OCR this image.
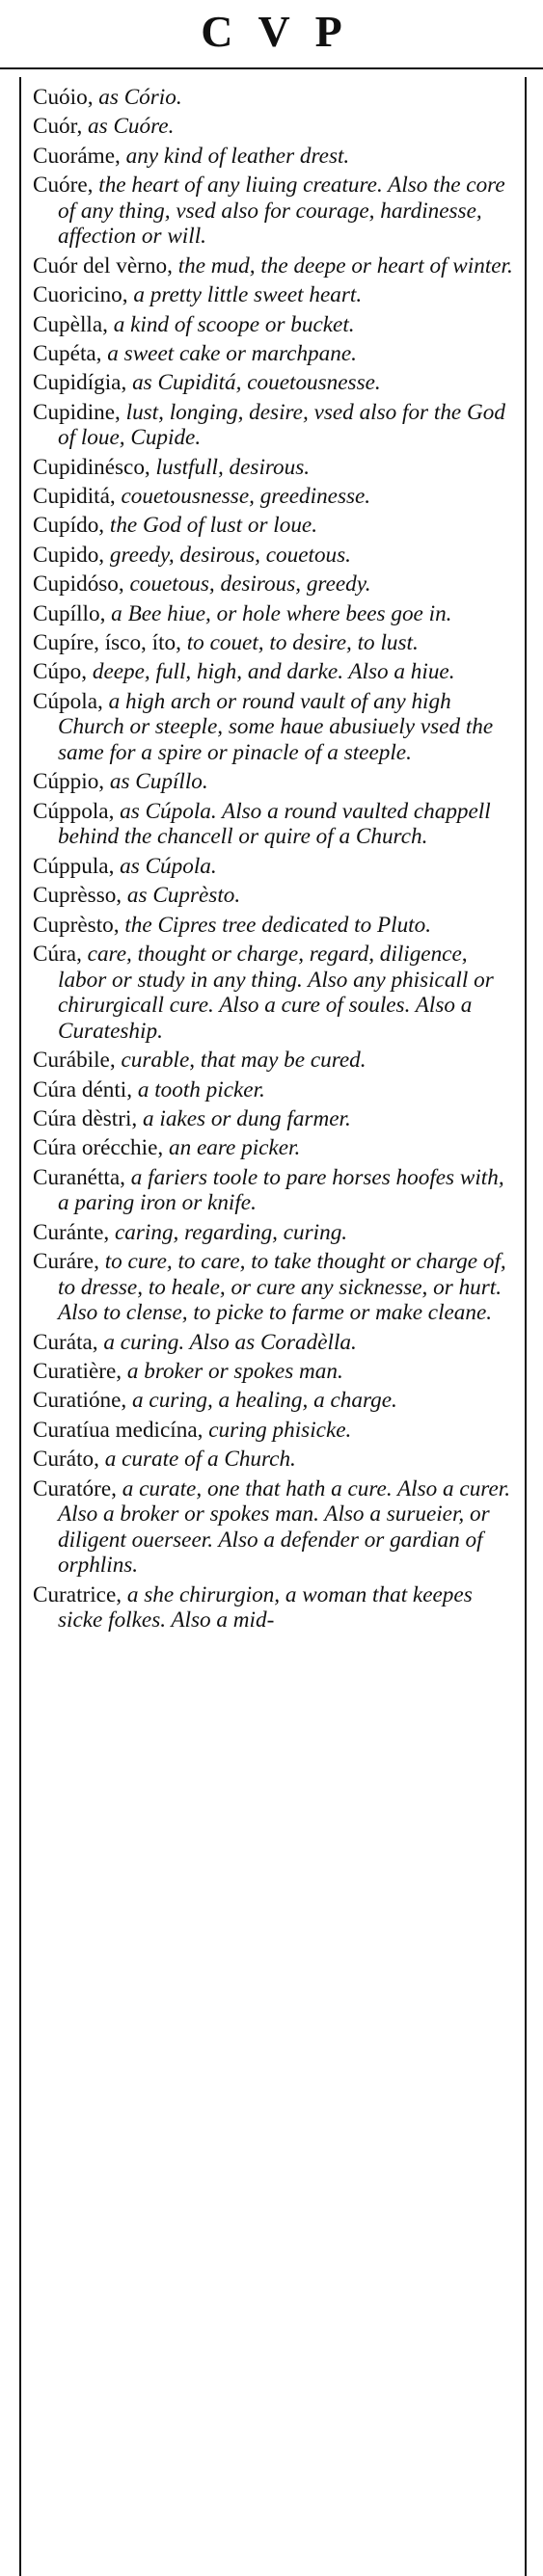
CVP
Cuóio, as Cório.
Cuór, as Cuóre.
Cuoráme, any kind of leather drest.
Cuóre, the heart of any liuing creature. Also the core of any thing, vsed also for courage, hardinesse, affection or will.
Cuór del vèrno, the mud, the deepe or heart of winter.
Cuoricino, a pretty little sweet heart.
Cupèlla, a kind of scoope or bucket.
Cupéta, a sweet cake or marchpane.
Cupidígia, as Cupiditá, couetousnesse.
Cupidine, lust, longing, desire, vsed also for the God of loue, Cupide.
Cupidinésco, lustfull, desirous.
Cupiditá, couetousnesse, greedinesse.
Cupído, the God of lust or loue.
Cupido, greedy, desirous, couetous.
Cupidóso, couetous, desirous, greedy.
Cupíllo, a Bee hiue, or hole where bees goe in.
Cupíre, ísco, íto, to couet, to desire, to lust.
Cúpo, deepe, full, high, and darke. Also a hiue.
Cúpola, a high arch or round vault of any high Church or steeple, some haue abusiuely vsed the same for a spire or pinacle of a steeple.
Cúppio, as Cupíllo.
Cúppola, as Cúpola. Also a round vaulted chappell behind the chancell or quire of a Church.
Cúppula, as Cúpola.
Cuprèsso, as Cuprèsto.
Cuprèsto, the Cipres tree dedicated to Pluto.
Cúra, care, thought or charge, regard, diligence, labor or study in any thing. Also any phisicall or chirurgicall cure. Also a cure of soules. Also a Curateship.
Curábile, curable, that may be cured.
Cúra dénti, a tooth picker.
Cúra dèstri, a iakes or dung farmer.
Cúra orécchie, an eare picker.
Curanétta, a fariers toole to pare horses hoofes with, a paring iron or knife.
Curánte, caring, regarding, curing.
Curáre, to cure, to care, to take thought or charge of, to dresse, to heale, or cure any sicknesse, or hurt. Also to clense, to picke to farme or make cleane.
Curáta, a curing. Also as Coradèlla.
Curatière, a broker or spokes man.
Curatióne, a curing, a healing, a charge.
Curatíua medicína, curing phisicke.
Curáto, a curate of a Church.
Curatóre, a curate, one that hath a cure. Also a curer. Also a broker or spokes man. Also a surueier, or diligent ouerseer. Also a defender or gardian of orphlins.
Curatrice, a she chirurgion, a woman that keepes sicke folkes. Also a mid-
